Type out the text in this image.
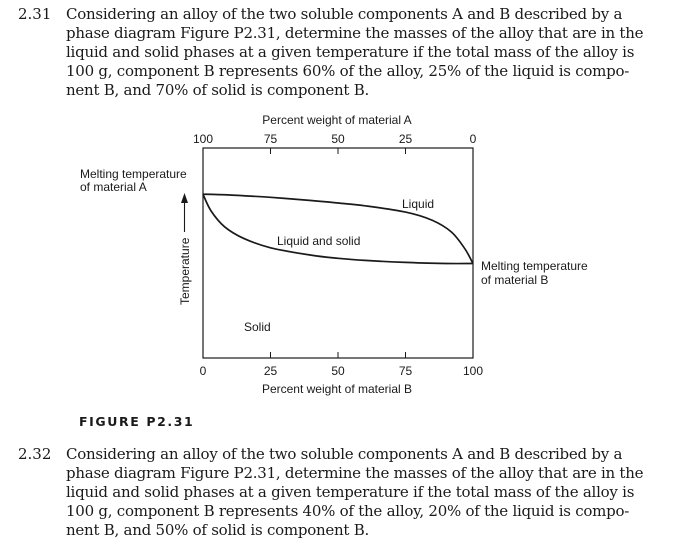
2.31 Considering an alloy of the two soluble components A and B described by a
phase diagram Figure P2.31, determine the masses of the alloy that are in the
liquid and solid phases at a given temperature if the total mass of the alloy is
100 g, component B represents 60% of the alloy, 25% of the liquid is compo-
nent B, and 70% of solid is component B.
Percent weight of material A
100	75	50	25	0
0	25	50	75	100
Percent weight of material B
Melting temperature
of material A
Melting temperature
of material B
Liquid
Liquid and solid
Solid
Temperature
FIGURE P2.31
2.32 Considering an alloy of the two soluble components A and B described by a
phase diagram Figure P2.31, determine the masses of the alloy that are in the
liquid and solid phases at a given temperature if the total mass of the alloy is
100 g, component B represents 40% of the alloy, 20% of the liquid is compo-
nent B, and 50% of solid is component B.
